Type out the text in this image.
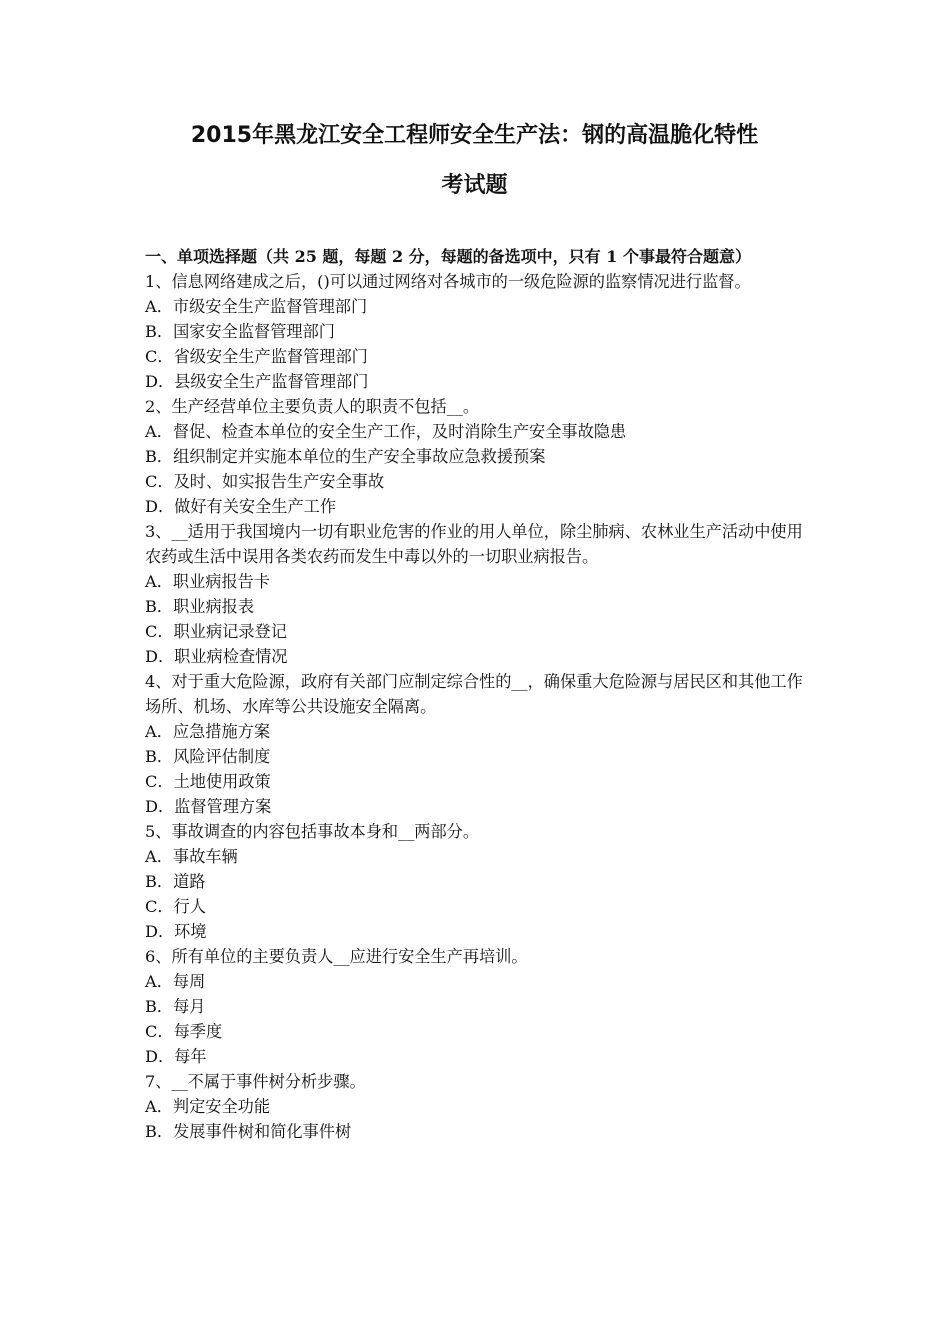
2015年黑龙江安全工程师安全生产法：钢的高温脆化特性
考试题

一、单项选择题（共 25 题，每题 2 分，每题的备选项中，只有 1 个事最符合题意）

1、信息网络建成之后，()可以通过网络对各城市的一级危险源的监察情况进行监督。

A．市级安全生产监督管理部门

B．国家安全监督管理部门

C．省级安全生产监督管理部门

D．县级安全生产监督管理部门

2、生产经营单位主要负责人的职责不包括__。

A．督促、检查本单位的安全生产工作，及时消除生产安全事故隐患

B．组织制定并实施本单位的生产安全事故应急救援预案

C．及时、如实报告生产安全事故

D．做好有关安全生产工作

3、__适用于我国境内一切有职业危害的作业的用人单位，除尘肺病、农林业生产活动中使用农药或生活中误用各类农药而发生中毒以外的一切职业病报告。

A．职业病报告卡

B．职业病报表

C．职业病记录登记

D．职业病检查情况

4、对于重大危险源，政府有关部门应制定综合性的__，确保重大危险源与居民区和其他工作场所、机场、水库等公共设施安全隔离。

A．应急措施方案

B．风险评估制度

C．土地使用政策

D．监督管理方案

5、事故调查的内容包括事故本身和__两部分。

A．事故车辆

B．道路

C．行人

D．环境

6、所有单位的主要负责人__应进行安全生产再培训。

A．每周

B．每月

C．每季度

D．每年

7、__不属于事件树分析步骤。

A．判定安全功能

B．发展事件树和简化事件树
